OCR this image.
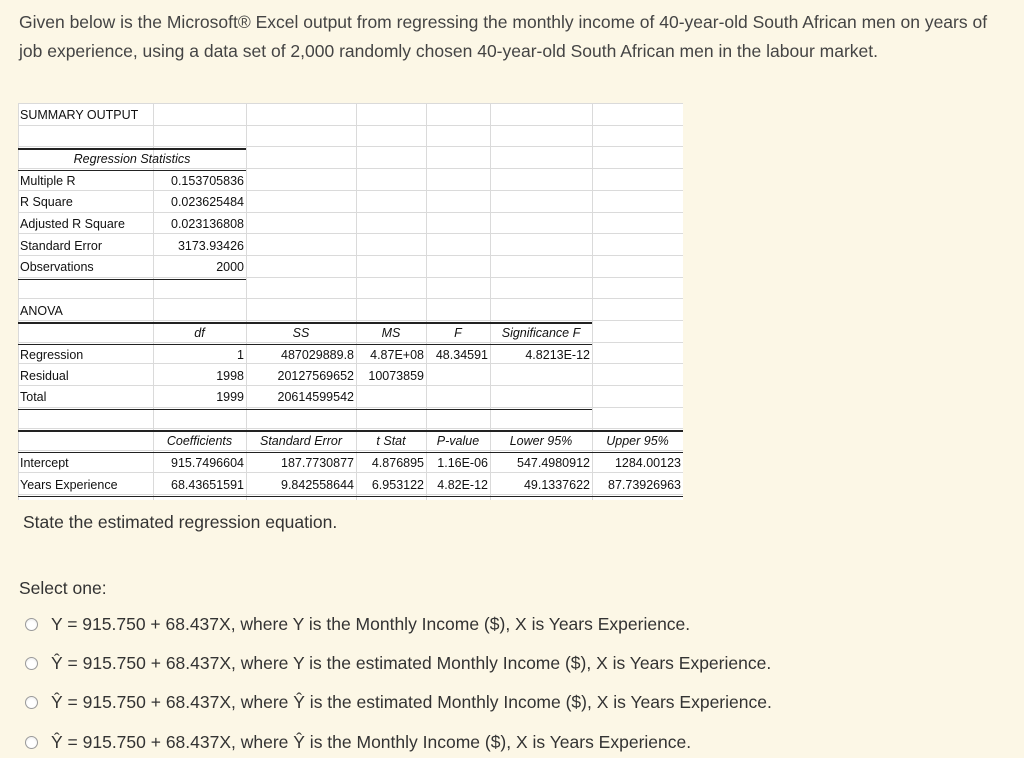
Given below is the Microsoft® Excel output from regressing the monthly income of 40-year-old South African men on years of job experience, using a data set of 2,000 randomly chosen 40-year-old South African men in the labour market.
SUMMARY OUTPUT
Regression Statistics
Multiple R	0.153705836
R Square	0.023625484
Adjusted R Square	0.023136808
Standard Error	3173.93426
Observations	2000
ANOVA
df	SS	MS	F	Significance F
Regression	1	487029889.8	4.87E+08 48.34591	4.8213E-12
Residual	1998	20127569652	10073859
Total	1999	20614599542
Coefficients	Standard Error	t Stat	P-value	Lower 95%	Upper 95%
Intercept	915.7496604	187.7730877	4.876895	1.16E-06	547.4980912	1284.00123
Years Experience	68.43651591	9.842558644	6.953122	4.82E-12	49.1337622	87.73926963
State the estimated regression equation.
Select one:
Y = 915.750 + 68.437X, where Y is the Monthly Income ($), X is Years Experience.
Ŷ = 915.750 + 68.437X, where Y is the estimated Monthly Income ($), X is Years Experience.
Ŷ = 915.750 + 68.437X, where Ŷ is the estimated Monthly Income ($), X is Years Experience.
Ŷ = 915.750 + 68.437X, where Ŷ is the Monthly Income ($), X is Years Experience.
